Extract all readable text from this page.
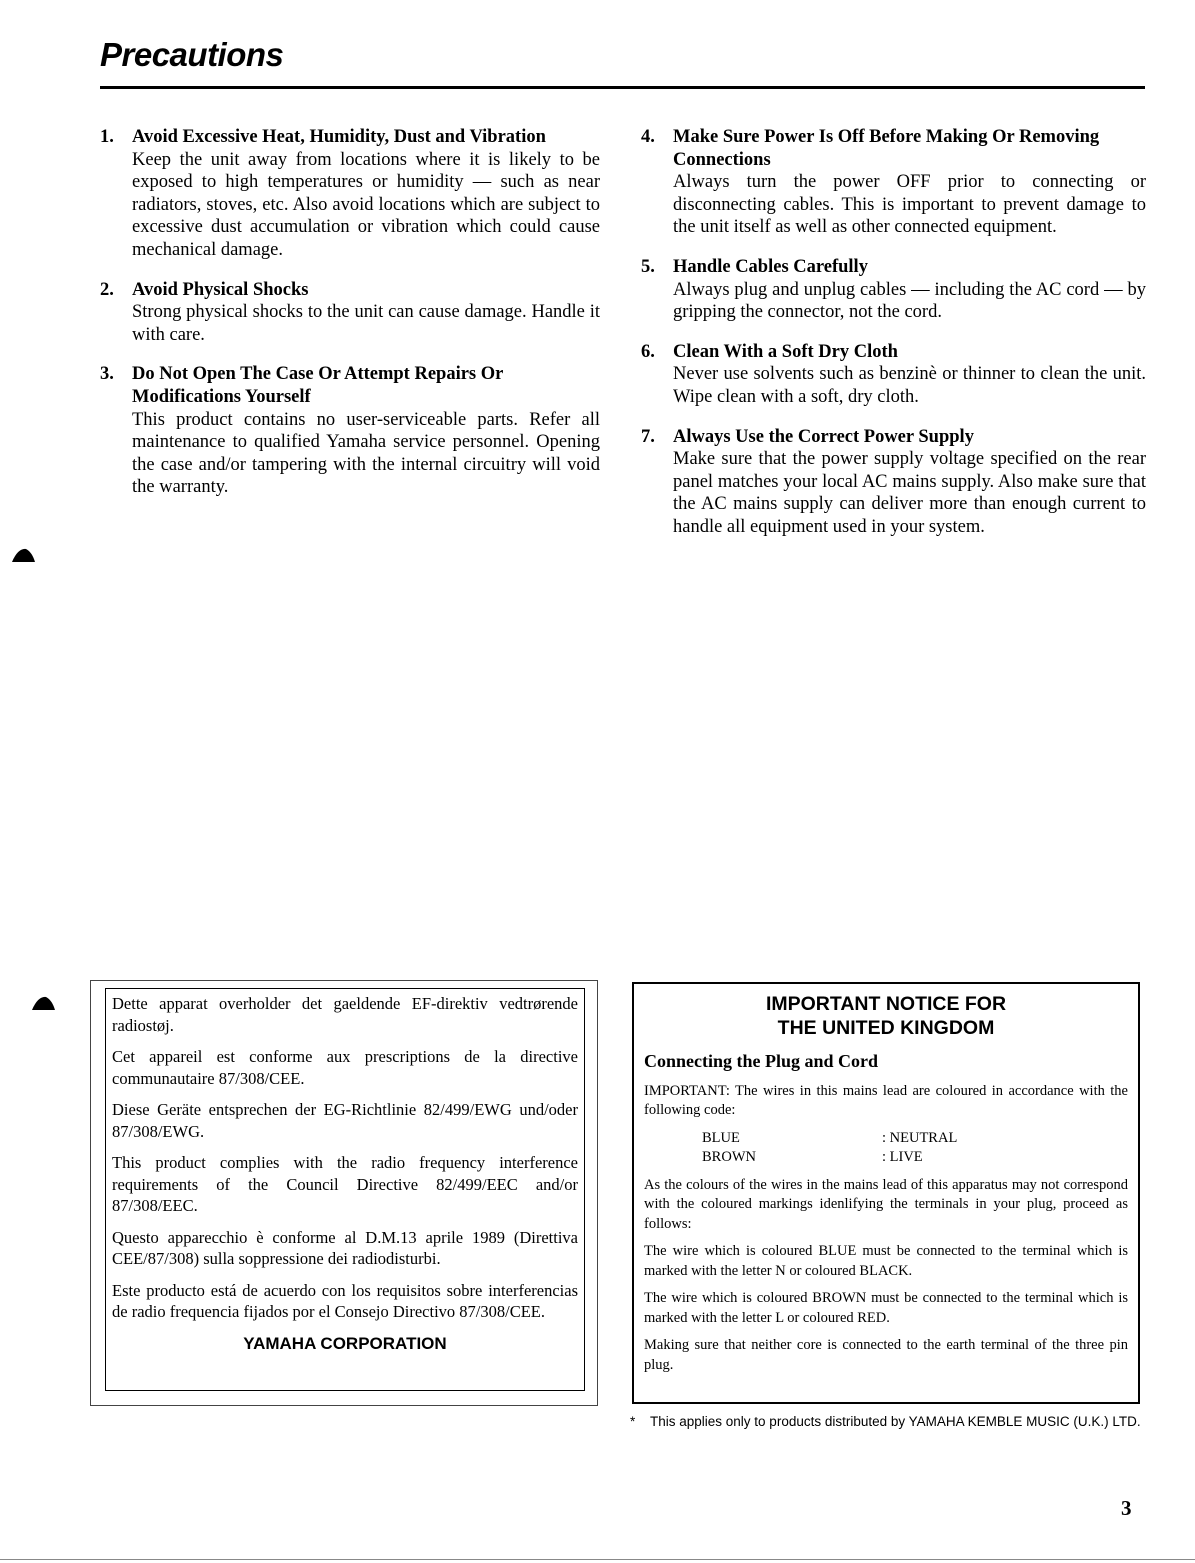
Precautions
1. Avoid Excessive Heat, Humidity, Dust and Vibration
Keep the unit away from locations where it is likely to be exposed to high temperatures or humidity — such as near radiators, stoves, etc. Also avoid locations which are subject to excessive dust accumulation or vibration which could cause mechanical damage.
2. Avoid Physical Shocks
Strong physical shocks to the unit can cause damage. Handle it with care.
3. Do Not Open The Case Or Attempt Repairs Or Modifications Yourself
This product contains no user-serviceable parts. Refer all maintenance to qualified Yamaha service personnel. Opening the case and/or tampering with the internal circuitry will void the warranty.
4. Make Sure Power Is Off Before Making Or Removing Connections
Always turn the power OFF prior to connecting or disconnecting cables. This is important to prevent damage to the unit itself as well as other connected equipment.
5. Handle Cables Carefully
Always plug and unplug cables — including the AC cord — by gripping the connector, not the cord.
6. Clean With a Soft Dry Cloth
Never use solvents such as benzinè or thinner to clean the unit. Wipe clean with a soft, dry cloth.
7. Always Use the Correct Power Supply
Make sure that the power supply voltage specified on the rear panel matches your local AC mains supply. Also make sure that the AC mains supply can deliver more than enough current to handle all equipment used in your system.

Dette apparat overholder det gaeldende EF-direktiv vedtrørende radiostøj.

Cet appareil est conforme aux prescriptions de la directive communautaire 87/308/CEE.

Diese Geräte entsprechen der EG-Richtlinie 82/499/EWG und/oder 87/308/EWG.

This product complies with the radio frequency interference requirements of the Council Directive 82/499/EEC and/or 87/308/EEC.

Questo apparecchio è conforme al D.M.13 aprile 1989 (Direttiva CEE/87/308) sulla soppressione dei radiodisturbi.

Este producto está de acuerdo con los requisitos sobre interferencias de radio frequencia fijados por el Consejo Directivo 87/308/CEE.

YAMAHA CORPORATION
IMPORTANT NOTICE FOR
THE UNITED KINGDOM
Connecting the Plug and Cord

IMPORTANT: The wires in this mains lead are coloured in accordance with the following code:

BLUE	: NEUTRAL
BROWN	: LIVE

As the colours of the wires in the mains lead of this apparatus may not correspond with the coloured markings idenlifying the terminals in your plug, proceed as follows:

The wire which is coloured BLUE must be connected to the terminal which is marked with the letter N or coloured BLACK.

The wire which is coloured BROWN must be connected to the terminal which is marked with the letter L or coloured RED.

Making sure that neither core is connected to the earth terminal of the three pin plug.

* This applies only to products distributed by YAMAHA KEMBLE MUSIC (U.K.) LTD.
3
